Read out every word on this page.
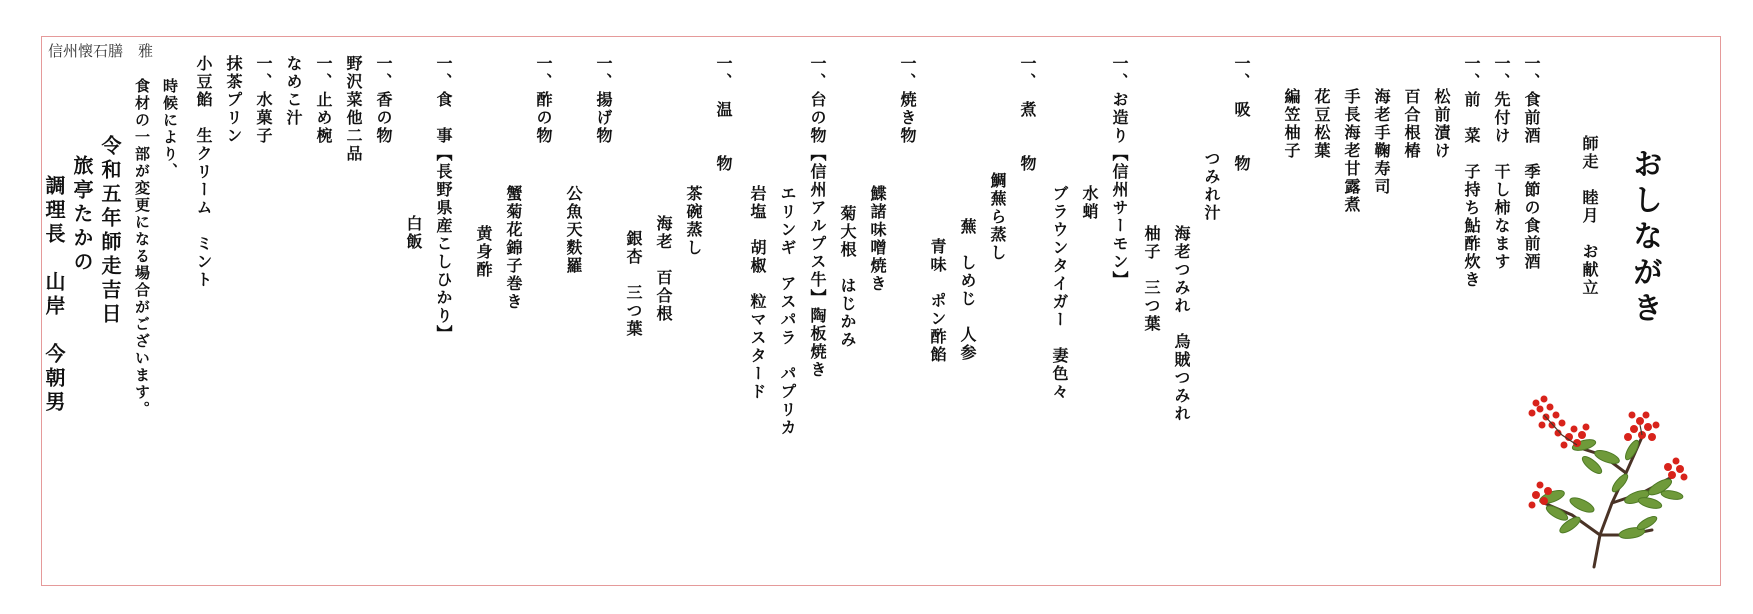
信州懐石膳　雅
おしながき
師走　睦月　お献立
一、食前酒　季節の食前酒
一、先付け　干し柿なます
一、前　菜　子持ち鮎酢炊き
松前漬け
百合根椿
海老手鞠寿司
手長海老甘露煮
花豆松葉
編笠柚子
一、　吸　　物
つみれ汁
海老つみれ　烏賊つみれ
柚子　三つ葉
一、お造り【信州サーモン】
水蛸
ブラウンタイガー　妻色々
一、　煮　　物
鯛蕪ら蒸し
蕪　しめじ　人参
青味　ポン酢餡
一、焼き物
鰈諸味噌焼き
菊大根　はじかみ
一、台の物【信州アルプス牛】陶板焼き
エリンギ　アスパラ　パプリカ
岩塩　胡椒　粒マスタード
一、　温　　物
茶碗蒸し
海老　百合根
銀杏　三つ葉
一、揚げ物
公魚天麩羅
一、酢の物
蟹菊花錦子巻き
黄身酢
一、食　事【長野県産こしひかり】
白飯
一、香の物
野沢菜他二品
一、止め椀
なめこ汁
一、水菓子
抹茶プリン
小豆餡　生クリーム　ミント
時候により、
食材の一部が変更になる場合がございます。
令和五年師走吉日
旅亭たかの
調理長　山岸　今朝男
